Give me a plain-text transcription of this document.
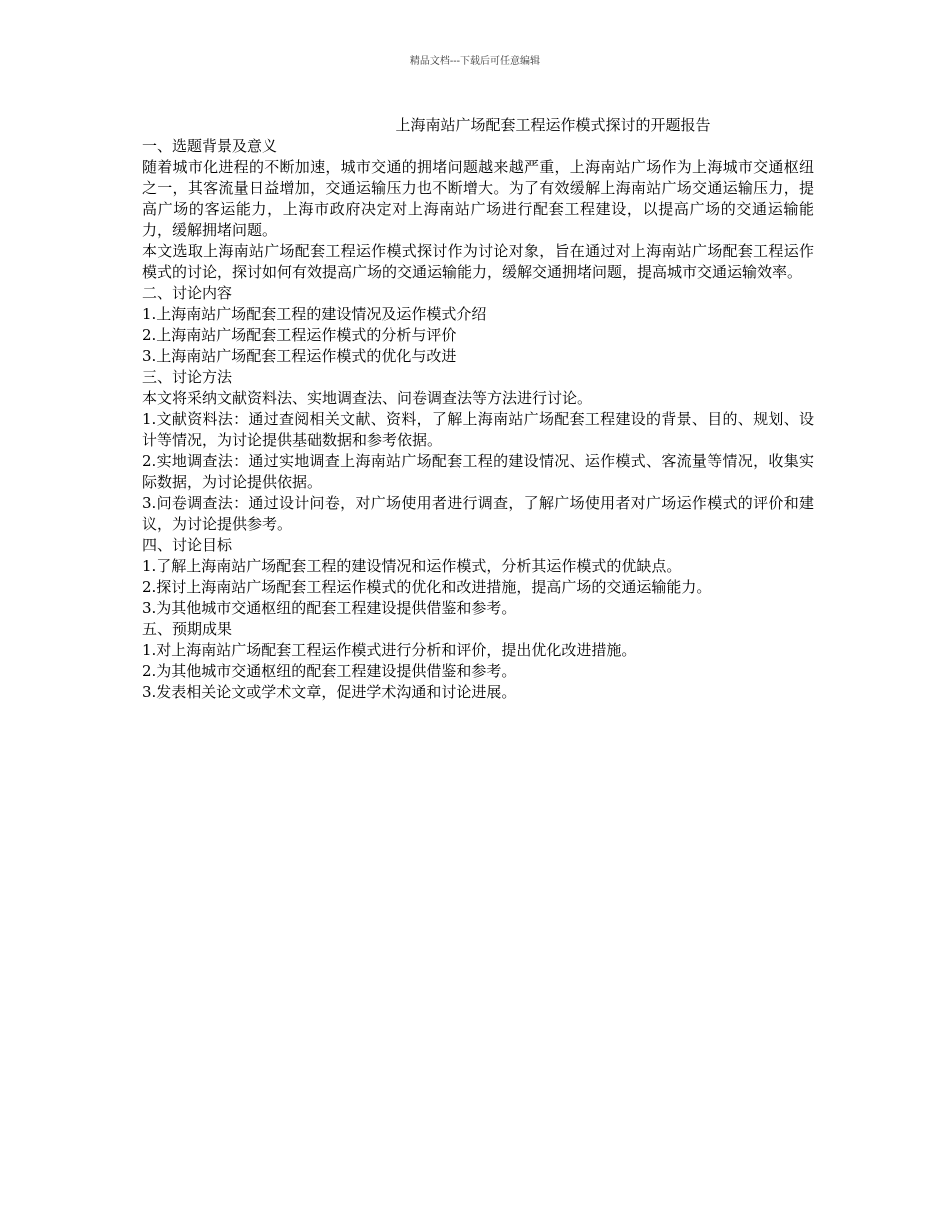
精品文档---下载后可任意编辑

上海南站广场配套工程运作模式探讨的开题报告

一、选题背景及意义

随着城市化进程的不断加速，城市交通的拥堵问题越来越严重，上海南站广场作为上海城市交通枢纽之一，其客流量日益增加，交通运输压力也不断增大。为了有效缓解上海南站广场交通运输压力，提高广场的客运能力，上海市政府决定对上海南站广场进行配套工程建设，以提高广场的交通运输能力，缓解拥堵问题。

本文选取上海南站广场配套工程运作模式探讨作为讨论对象，旨在通过对上海南站广场配套工程运作模式的讨论，探讨如何有效提高广场的交通运输能力，缓解交通拥堵问题，提高城市交通运输效率。

二、讨论内容

1.上海南站广场配套工程的建设情况及运作模式介绍

2.上海南站广场配套工程运作模式的分析与评价

3.上海南站广场配套工程运作模式的优化与改进

三、讨论方法

本文将采纳文献资料法、实地调查法、问卷调查法等方法进行讨论。

1.文献资料法：通过查阅相关文献、资料，了解上海南站广场配套工程建设的背景、目的、规划、设计等情况，为讨论提供基础数据和参考依据。

2.实地调查法：通过实地调查上海南站广场配套工程的建设情况、运作模式、客流量等情况，收集实际数据，为讨论提供依据。

3.问卷调查法：通过设计问卷，对广场使用者进行调查，了解广场使用者对广场运作模式的评价和建议，为讨论提供参考。

四、讨论目标

1.了解上海南站广场配套工程的建设情况和运作模式，分析其运作模式的优缺点。

2.探讨上海南站广场配套工程运作模式的优化和改进措施，提高广场的交通运输能力。

3.为其他城市交通枢纽的配套工程建设提供借鉴和参考。

五、预期成果

1.对上海南站广场配套工程运作模式进行分析和评价，提出优化改进措施。

2.为其他城市交通枢纽的配套工程建设提供借鉴和参考。

3.发表相关论文或学术文章，促进学术沟通和讨论进展。
